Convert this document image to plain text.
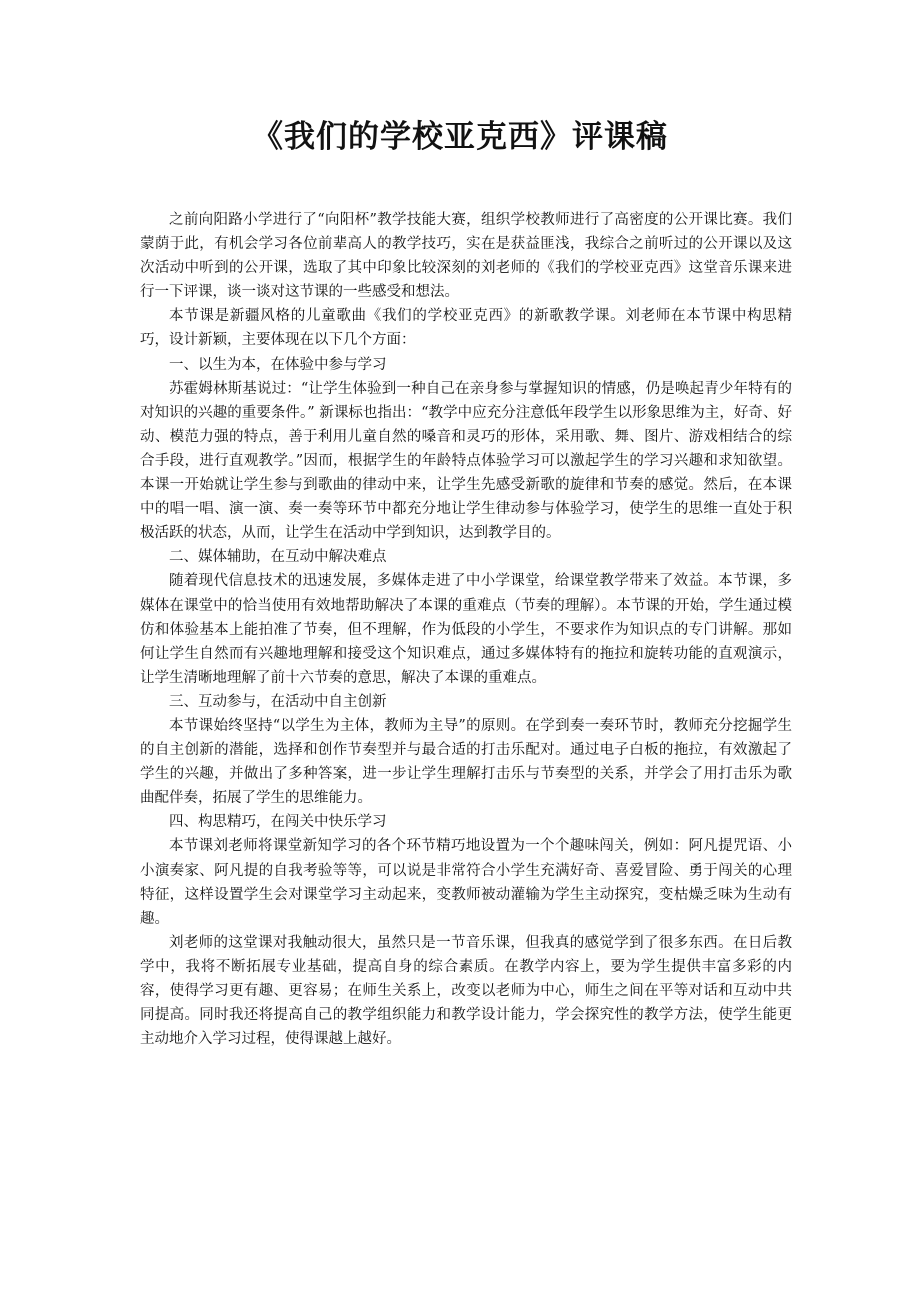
《我们的学校亚克西》评课稿

之前向阳路小学进行了“向阳杯”教学技能大赛，组织学校教师进行了高密度的公开课比赛。我们蒙荫于此，有机会学习各位前辈高人的教学技巧，实在是获益匪浅，我综合之前听过的公开课以及这次活动中听到的公开课，选取了其中印象比较深刻的刘老师的《我们的学校亚克西》这堂音乐课来进行一下评课，谈一谈对这节课的一些感受和想法。

本节课是新疆风格的儿童歌曲《我们的学校亚克西》的新歌教学课。刘老师在本节课中构思精巧，设计新颖，主要体现在以下几个方面：

一、以生为本，在体验中参与学习

苏霍姆林斯基说过：“让学生体验到一种自己在亲身参与掌握知识的情感，仍是唤起青少年特有的对知识的兴趣的重要条件。” 新课标也指出：“教学中应充分注意低年段学生以形象思维为主，好奇、好动、模范力强的特点，善于利用儿童自然的嗓音和灵巧的形体，采用歌、舞、图片、游戏相结合的综合手段，进行直观教学。”因而，根据学生的年龄特点体验学习可以激起学生的学习兴趣和求知欲望。本课一开始就让学生参与到歌曲的律动中来，让学生先感受新歌的旋律和节奏的感觉。然后，在本课中的唱一唱、演一演、奏一奏等环节中都充分地让学生律动参与体验学习，使学生的思维一直处于积极活跃的状态，从而，让学生在活动中学到知识，达到教学目的。

二、媒体辅助，在互动中解决难点

随着现代信息技术的迅速发展，多媒体走进了中小学课堂，给课堂教学带来了效益。本节课，多媒体在课堂中的恰当使用有效地帮助解决了本课的重难点（节奏的理解）。本节课的开始，学生通过模仿和体验基本上能拍准了节奏，但不理解，作为低段的小学生，不要求作为知识点的专门讲解。那如何让学生自然而有兴趣地理解和接受这个知识难点，通过多媒体特有的拖拉和旋转功能的直观演示，让学生清晰地理解了前十六节奏的意思，解决了本课的重难点。

三、互动参与，在活动中自主创新

本节课始终坚持“以学生为主体，教师为主导”的原则。在学到奏一奏环节时，教师充分挖掘学生的自主创新的潜能，选择和创作节奏型并与最合适的打击乐配对。通过电子白板的拖拉，有效激起了学生的兴趣，并做出了多种答案，进一步让学生理解打击乐与节奏型的关系，并学会了用打击乐为歌曲配伴奏，拓展了学生的思维能力。

四、构思精巧，在闯关中快乐学习

本节课刘老师将课堂新知学习的各个环节精巧地设置为一个个趣味闯关，例如：阿凡提咒语、小小演奏家、阿凡提的自我考验等等，可以说是非常符合小学生充满好奇、喜爱冒险、勇于闯关的心理特征，这样设置学生会对课堂学习主动起来，变教师被动灌输为学生主动探究，变枯燥乏味为生动有趣。

刘老师的这堂课对我触动很大，虽然只是一节音乐课，但我真的感觉学到了很多东西。在日后教学中，我将不断拓展专业基础，提高自身的综合素质。在教学内容上，要为学生提供丰富多彩的内容，使得学习更有趣、更容易；在师生关系上，改变以老师为中心，师生之间在平等对话和互动中共同提高。同时我还将提高自己的教学组织能力和教学设计能力，学会探究性的教学方法，使学生能更主动地介入学习过程，使得课越上越好。
